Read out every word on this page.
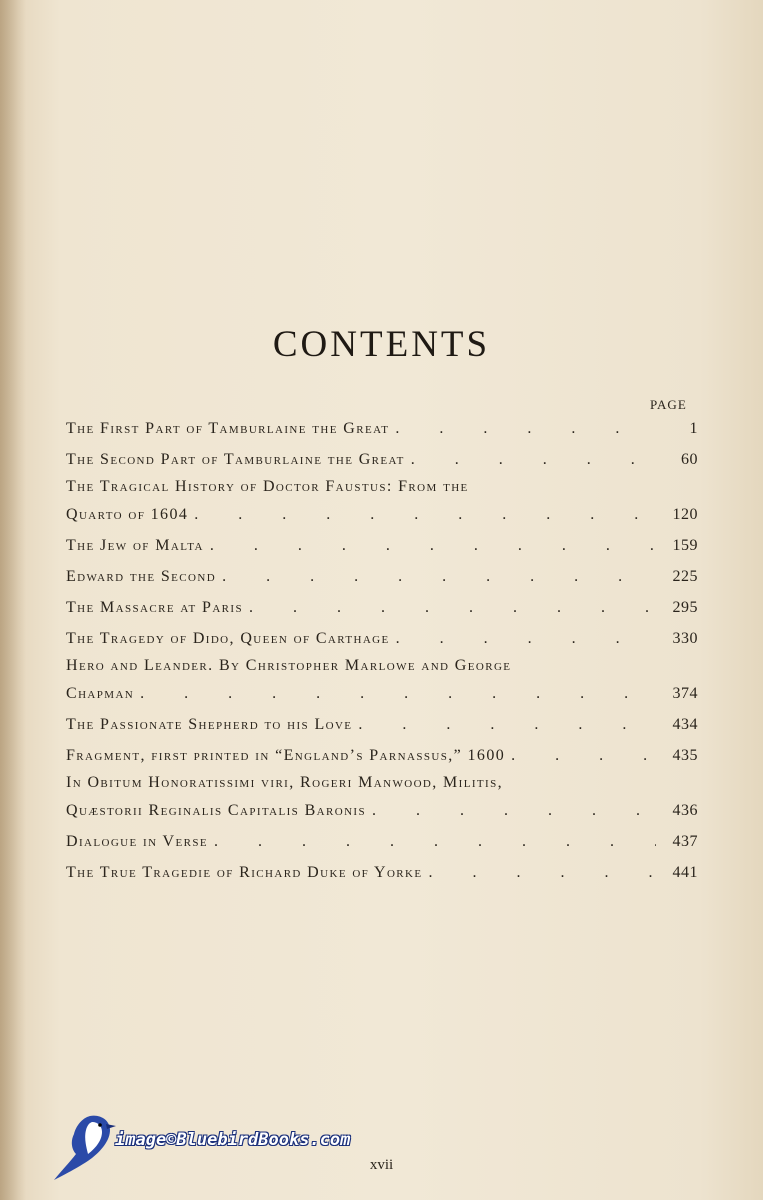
CONTENTS
PAGE
The First Part of Tamburlaine the Great . . .	1
The Second Part of Tamburlaine the Great . . .	60
The Tragical History of Doctor Faustus: From the
Quarto of 1604 . . .	120
The Jew of Malta . . .	159
Edward the Second . . .	225
The Massacre at Paris . . .	295
The Tragedy of Dido, Queen of Carthage . . .	330
Hero and Leander. By Christopher Marlowe and George
Chapman . . .	374
The Passionate Shepherd to his Love . . .	434
Fragment, first printed in “England’s Parnassus,” 1600 . . .	435
In Obitum Honoratissimi viri, Rogeri Manwood, Militis,
Quæstorii Reginalis Capitalis Baronis . . .	436
Dialogue in Verse . . .	437
The True Tragedie of Richard Duke of Yorke . . .	441
xvii
image©BluebirdBooks.com
